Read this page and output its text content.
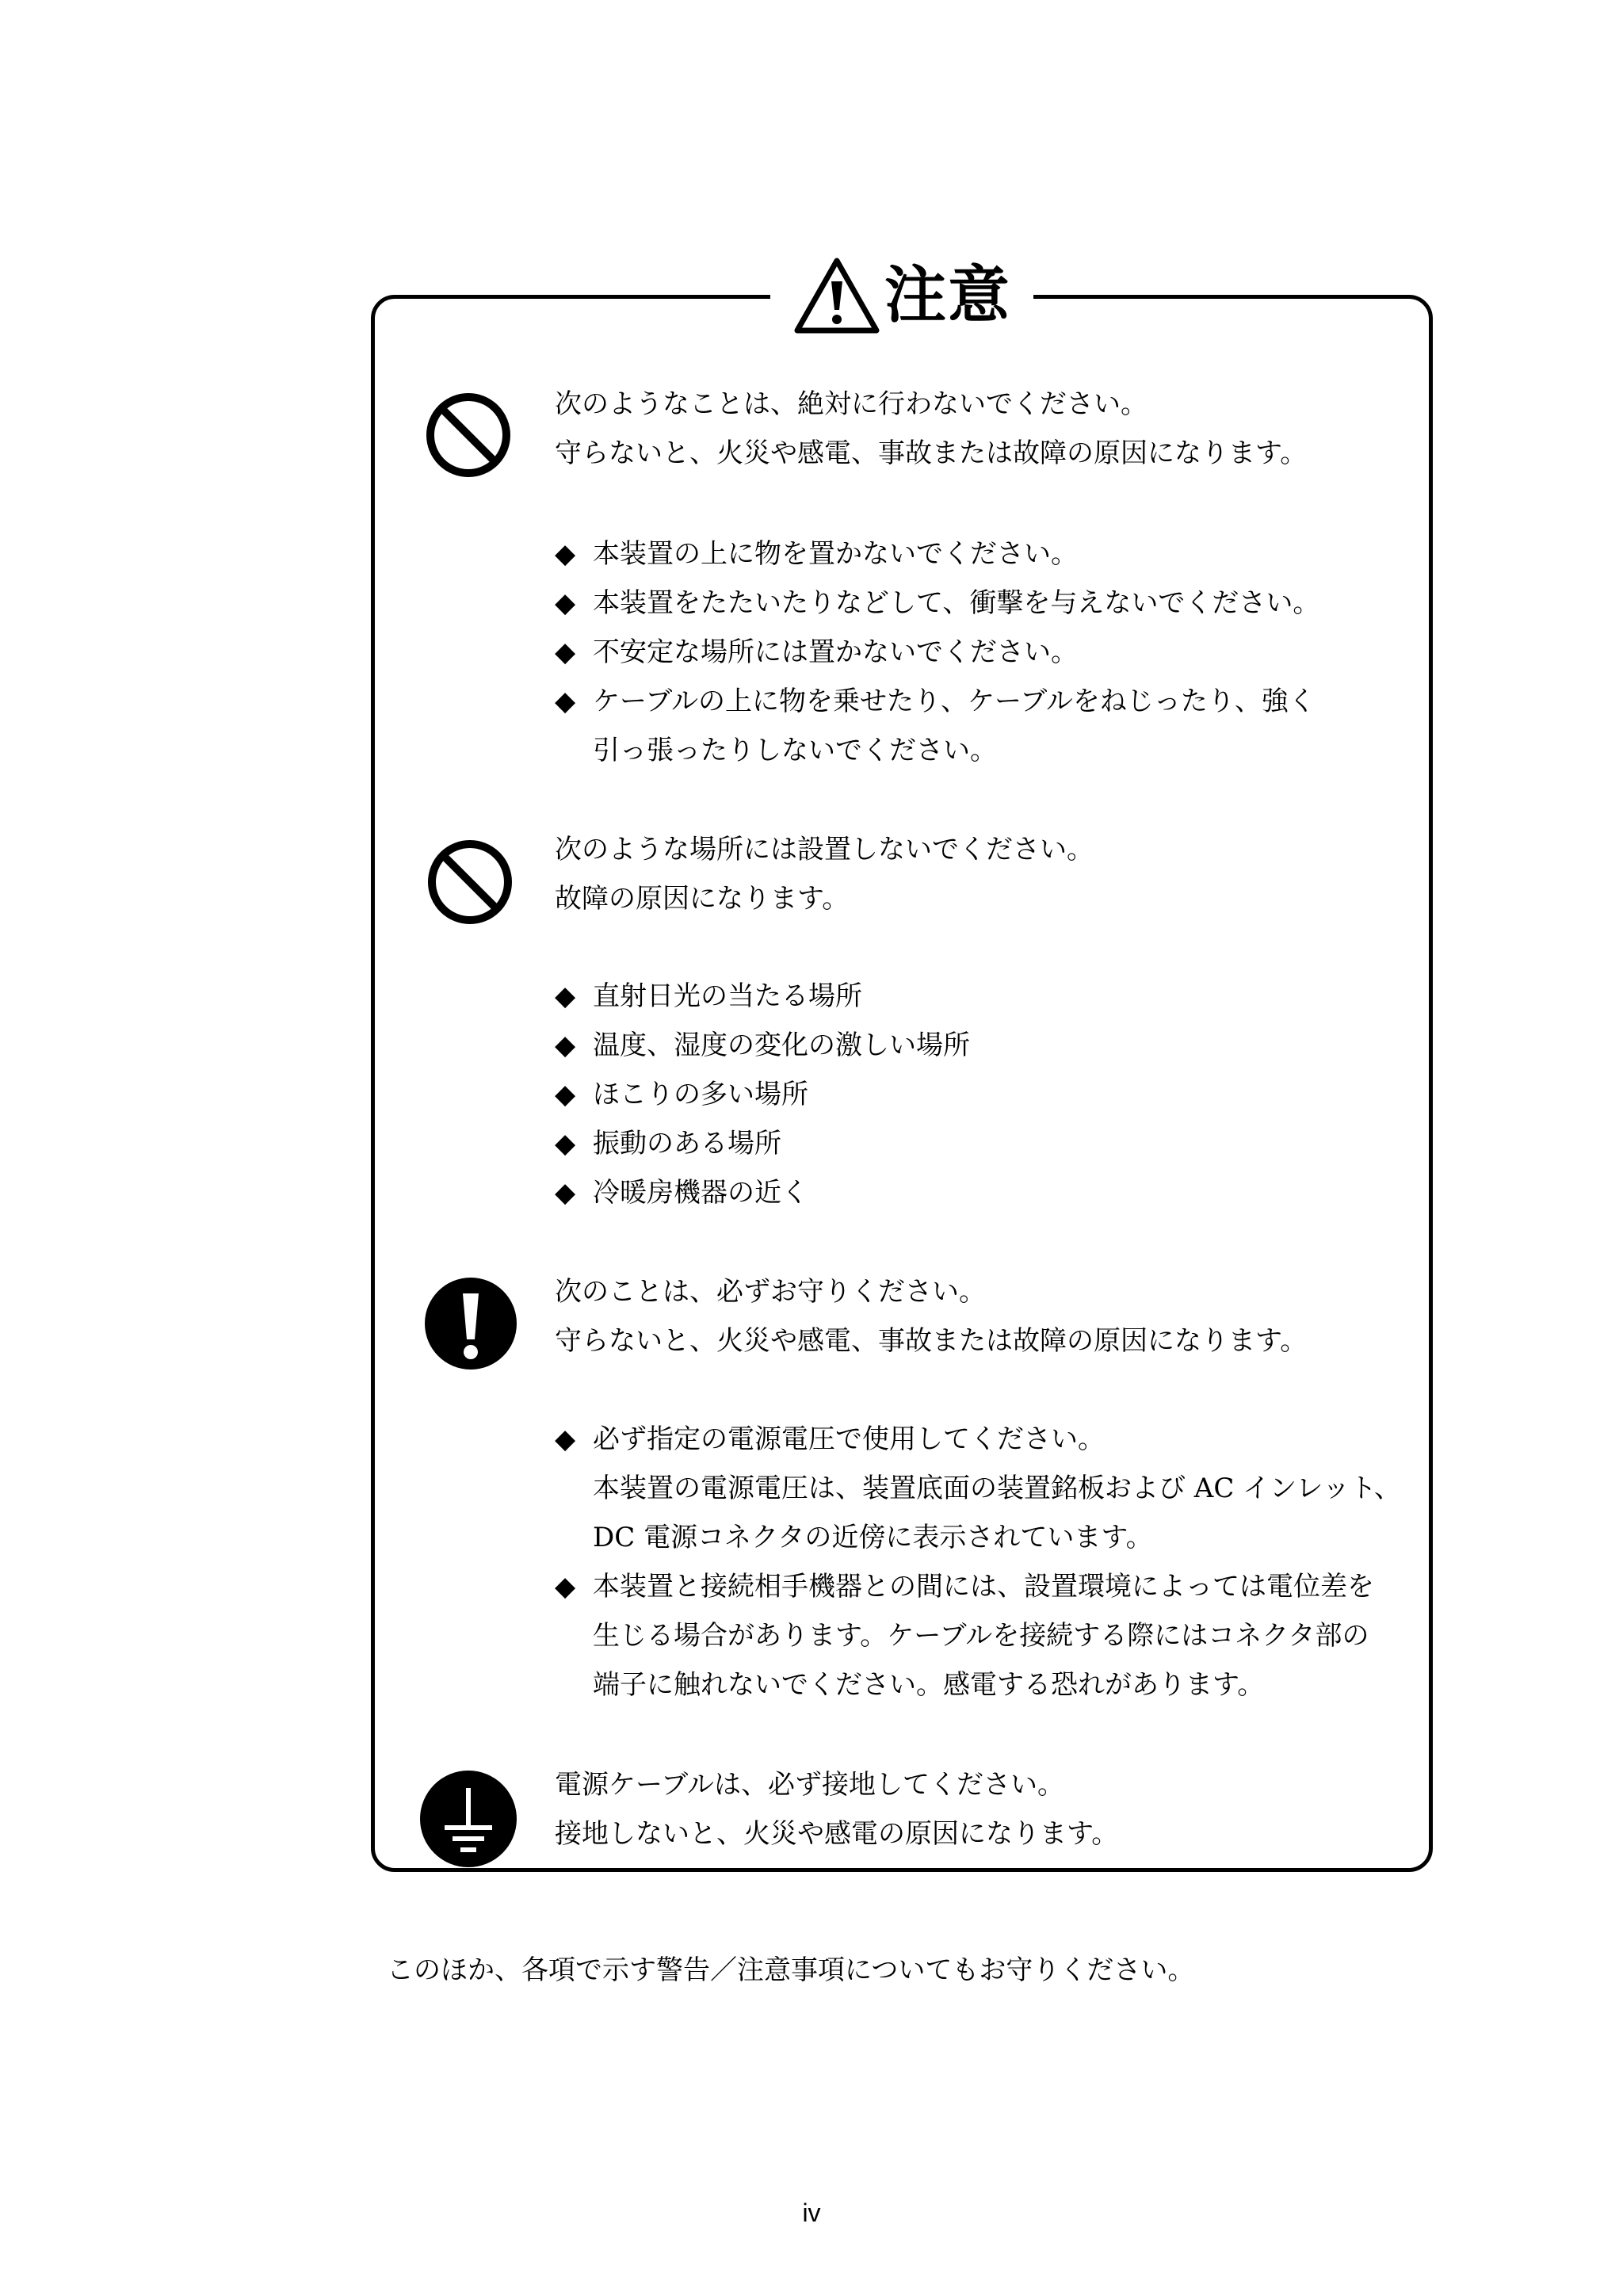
注意
次のようなことは、絶対に行わないでください。
守らないと、火災や感電、事故または故障の原因になります。
◆ 本装置の上に物を置かないでください。
◆ 本装置をたたいたりなどして、衝撃を与えないでください。
◆ 不安定な場所には置かないでください。
◆ ケーブルの上に物を乗せたり、ケーブルをねじったり、強く
引っ張ったりしないでください。
次のような場所には設置しないでください。
故障の原因になります。
◆ 直射日光の当たる場所
◆ 温度、湿度の変化の激しい場所
◆ ほこりの多い場所
◆ 振動のある場所
◆ 冷暖房機器の近く
次のことは、必ずお守りください。
守らないと、火災や感電、事故または故障の原因になります。
◆ 必ず指定の電源電圧で使用してください。
本装置の電源電圧は、装置底面の装置銘板および AC インレット、
DC 電源コネクタの近傍に表示されています。
◆ 本装置と接続相手機器との間には、設置環境によっては電位差を
生じる場合があります。ケーブルを接続する際にはコネクタ部の
端子に触れないでください。感電する恐れがあります。
電源ケーブルは、必ず接地してください。
接地しないと、火災や感電の原因になります。
このほか、各項で示す警告／注意事項についてもお守りください。
iv
